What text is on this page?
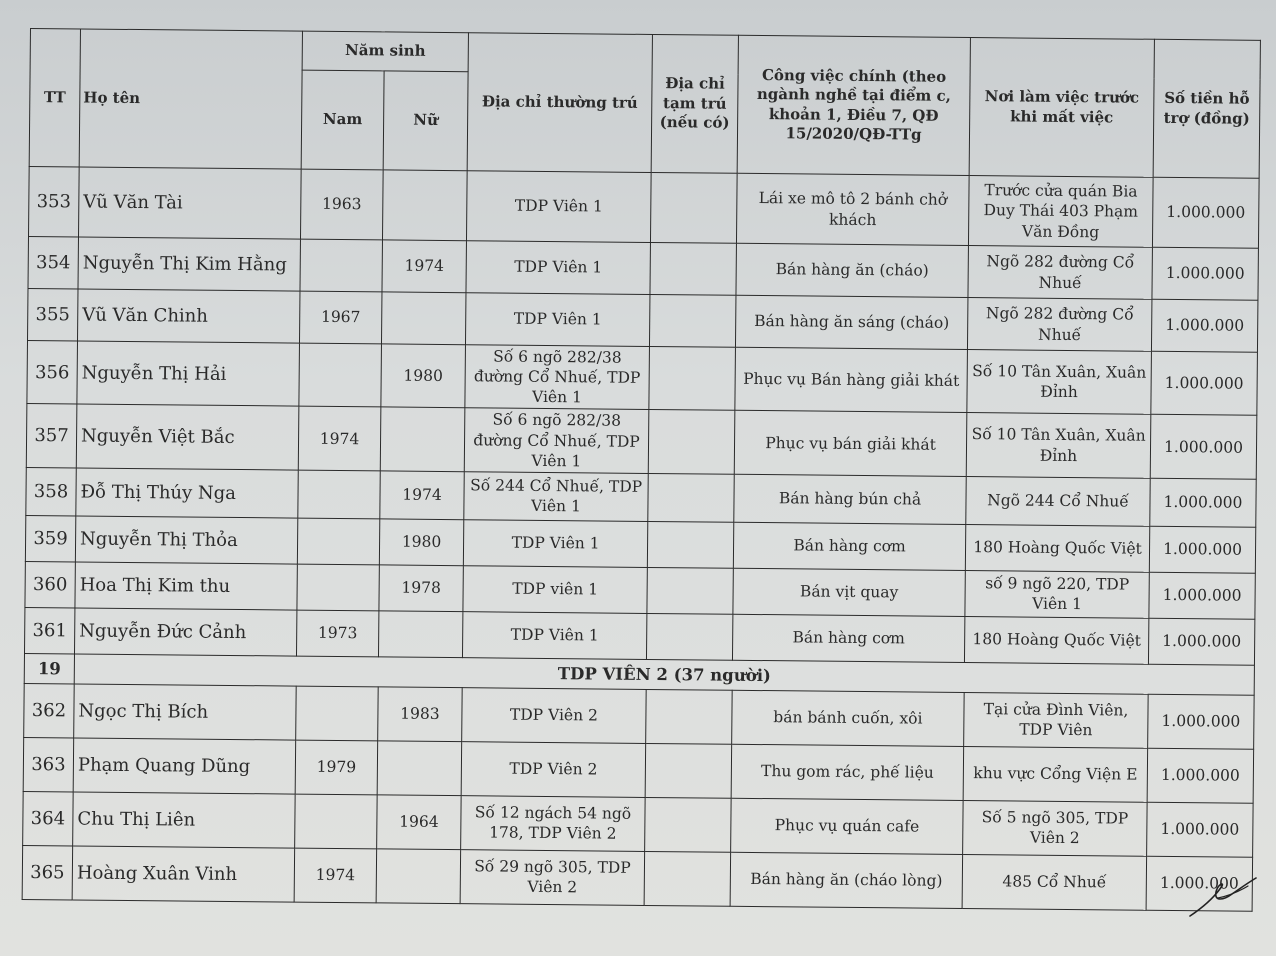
TT	Họ tên	Năm sinh		Địa chỉ thường trú	Địa chỉ tạm trú (nếu có)	Công việc chính (theo ngành nghề tại điểm c, khoản 1, Điều 7, QĐ 15/2020/QĐ-TTg	Nơi làm việc trước khi mất việc	Số tiền hỗ trợ (đồng)
		Nam	Nữ					
353	Vũ Văn Tài	1963		TDP Viên 1		Lái xe mô tô 2 bánh chở khách	Trước cửa quán Bia Duy Thái 403 Phạm Văn Đồng	1.000.000
354	Nguyễn Thị Kim Hằng		1974	TDP Viên 1		Bán hàng ăn (cháo)	Ngõ 282 đường Cổ Nhuế	1.000.000
355	Vũ Văn Chinh	1967		TDP Viên 1		Bán hàng ăn sáng (cháo)	Ngõ 282 đường Cổ Nhuế	1.000.000
356	Nguyễn Thị Hải		1980	Số 6 ngõ 282/38 đường Cổ Nhuế, TDP Viên 1		Phục vụ Bán hàng giải khát	Số 10 Tân Xuân, Xuân Đỉnh	1.000.000
357	Nguyễn Việt Bắc	1974		Số 6 ngõ 282/38 đường Cổ Nhuế, TDP Viên 1		Phục vụ bán giải khát	Số 10 Tân Xuân, Xuân Đỉnh	1.000.000
358	Đỗ Thị Thúy Nga		1974	Số 244 Cổ Nhuế, TDP Viên 1		Bán hàng bún chả	Ngõ 244 Cổ Nhuế	1.000.000
359	Nguyễn Thị Thỏa		1980	TDP Viên 1		Bán hàng cơm	180 Hoàng Quốc Việt	1.000.000
360	Hoa Thị Kim thu		1978	TDP viên 1		Bán vịt quay	số 9 ngõ 220, TDP Viên 1	1.000.000
361	Nguyễn Đức Cảnh	1973		TDP Viên 1		Bán hàng cơm	180 Hoàng Quốc Việt	1.000.000
19	TDP VIÊN 2 (37 người)							
362	Ngọc Thị Bích		1983	TDP Viên 2		bán bánh cuốn, xôi	Tại cửa Đình Viên, TDP Viên	1.000.000
363	Phạm Quang Dũng	1979		TDP Viên 2		Thu gom rác, phế liệu	khu vực Cổng Viện E	1.000.000
364	Chu Thị Liên		1964	Số 12 ngách 54 ngõ 178, TDP Viên 2		Phục vụ quán cafe	Số 5 ngõ 305, TDP Viên 2	1.000.000
365	Hoàng Xuân Vinh	1974		Số 29 ngõ 305, TDP Viên 2		Bán hàng ăn (cháo lòng)	485 Cổ Nhuế	1.000.000
